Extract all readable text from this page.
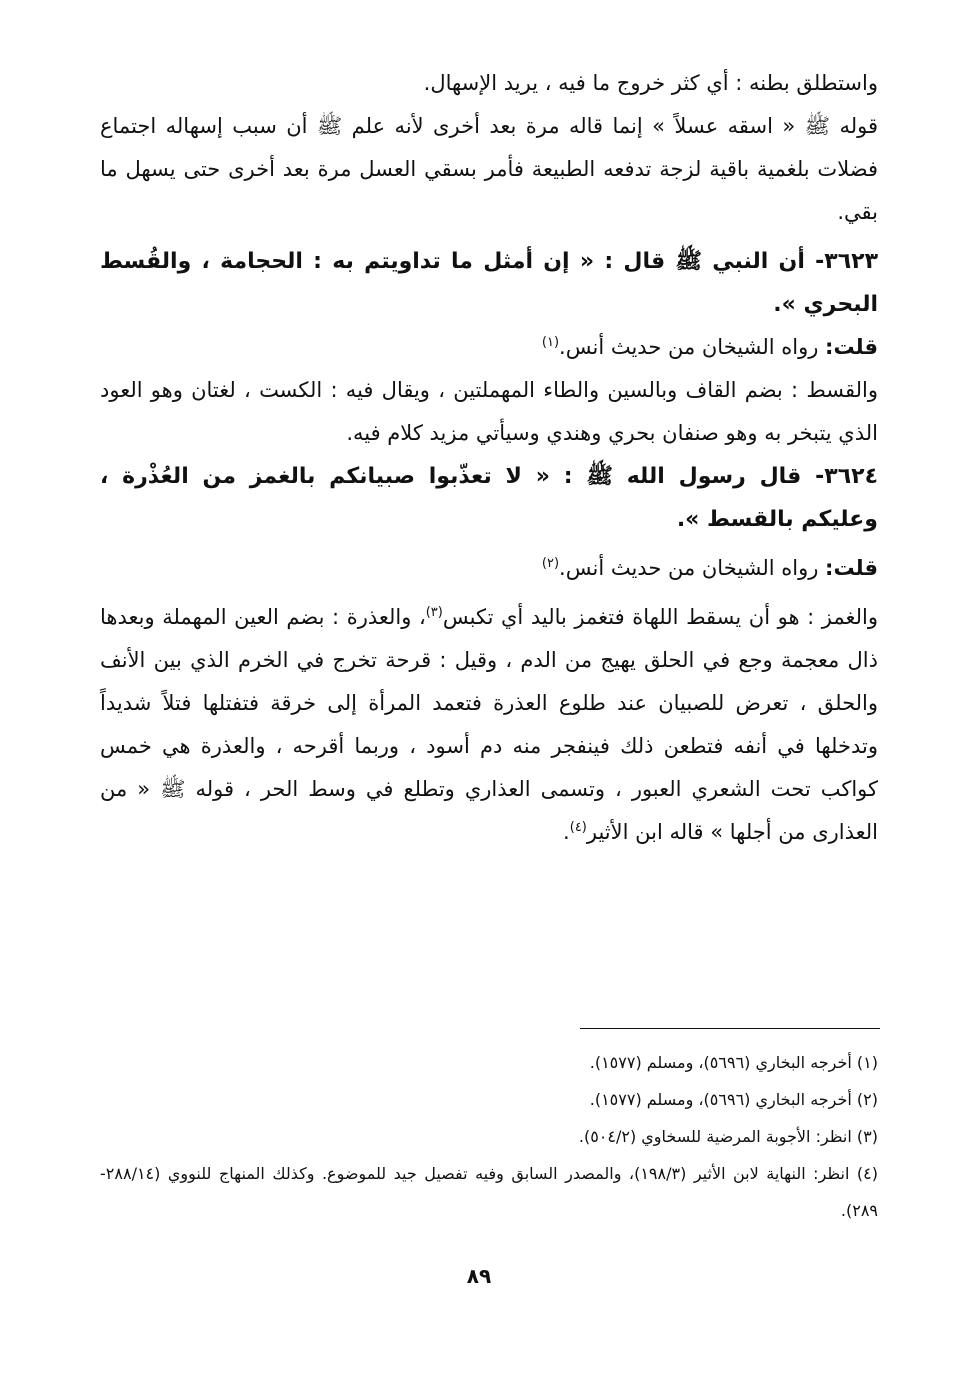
واستطلق بطنه : أي كثر خروج ما فيه ، يريد الإسهال.

قوله ﷺ « اسقه عسلاً » إنما قاله مرة بعد أخرى لأنه علم ﷺ أن سبب إسهاله اجتماع فضلات بلغمية باقية لزجة تدفعه الطبيعة فأمر بسقي العسل مرة بعد أخرى حتى يسهل ما بقي.

٣٦٢٣- أن النبي ﷺ قال : « إن أمثل ما تداويتم به : الحجامة ، والقُسط البحري ».

قلت: رواه الشيخان من حديث أنس.$^{(١)}$

والقسط : بضم القاف وبالسين والطاء المهملتين ، ويقال فيه : الكست ، لغتان وهو العود الذي يتبخر به وهو صنفان بحري وهندي وسيأتي مزيد كلام فيه.

٣٦٢٤- قال رسول الله ﷺ : « لا تعذّبوا صبيانكم بالغمز من العُذْرة ، وعليكم بالقسط ».

قلت: رواه الشيخان من حديث أنس.$^{(٢)}$

والغمز : هو أن يسقط اللهاة فتغمز باليد أي تكبس$^{(٣)}$، والعذرة : بضم العين المهملة وبعدها ذال معجمة وجع في الحلق يهيج من الدم ، وقيل : قرحة تخرج في الخرم الذي بين الأنف والحلق ، تعرض للصبيان عند طلوع العذرة فتعمد المرأة إلى خرقة فتفتلها فتلاً شديداً وتدخلها في أنفه فتطعن ذلك فينفجر منه دم أسود ، وربما أقرحه ، والعذرة هي خمس كواكب تحت الشعري العبور ، وتسمى العذاري وتطلع في وسط الحر ، قوله ﷺ « من العذارى من أجلها » قاله ابن الأثير$^{(٤)}$.

(١) أخرجه البخاري (٥٦٩٦)، ومسلم (١٥٧٧).

(٢) أخرجه البخاري (٥٦٩٦)، ومسلم (١٥٧٧).

(٣) انظر: الأجوبة المرضية للسخاوي (٥٠٤/٢).

(٤) انظر: النهاية لابن الأثير (١٩٨/٣)، والمصدر السابق وفيه تفصيل جيد للموضوع. وكذلك المنهاج للنووي (٢٨٨/١٤- ٢٨٩).

٨٩
